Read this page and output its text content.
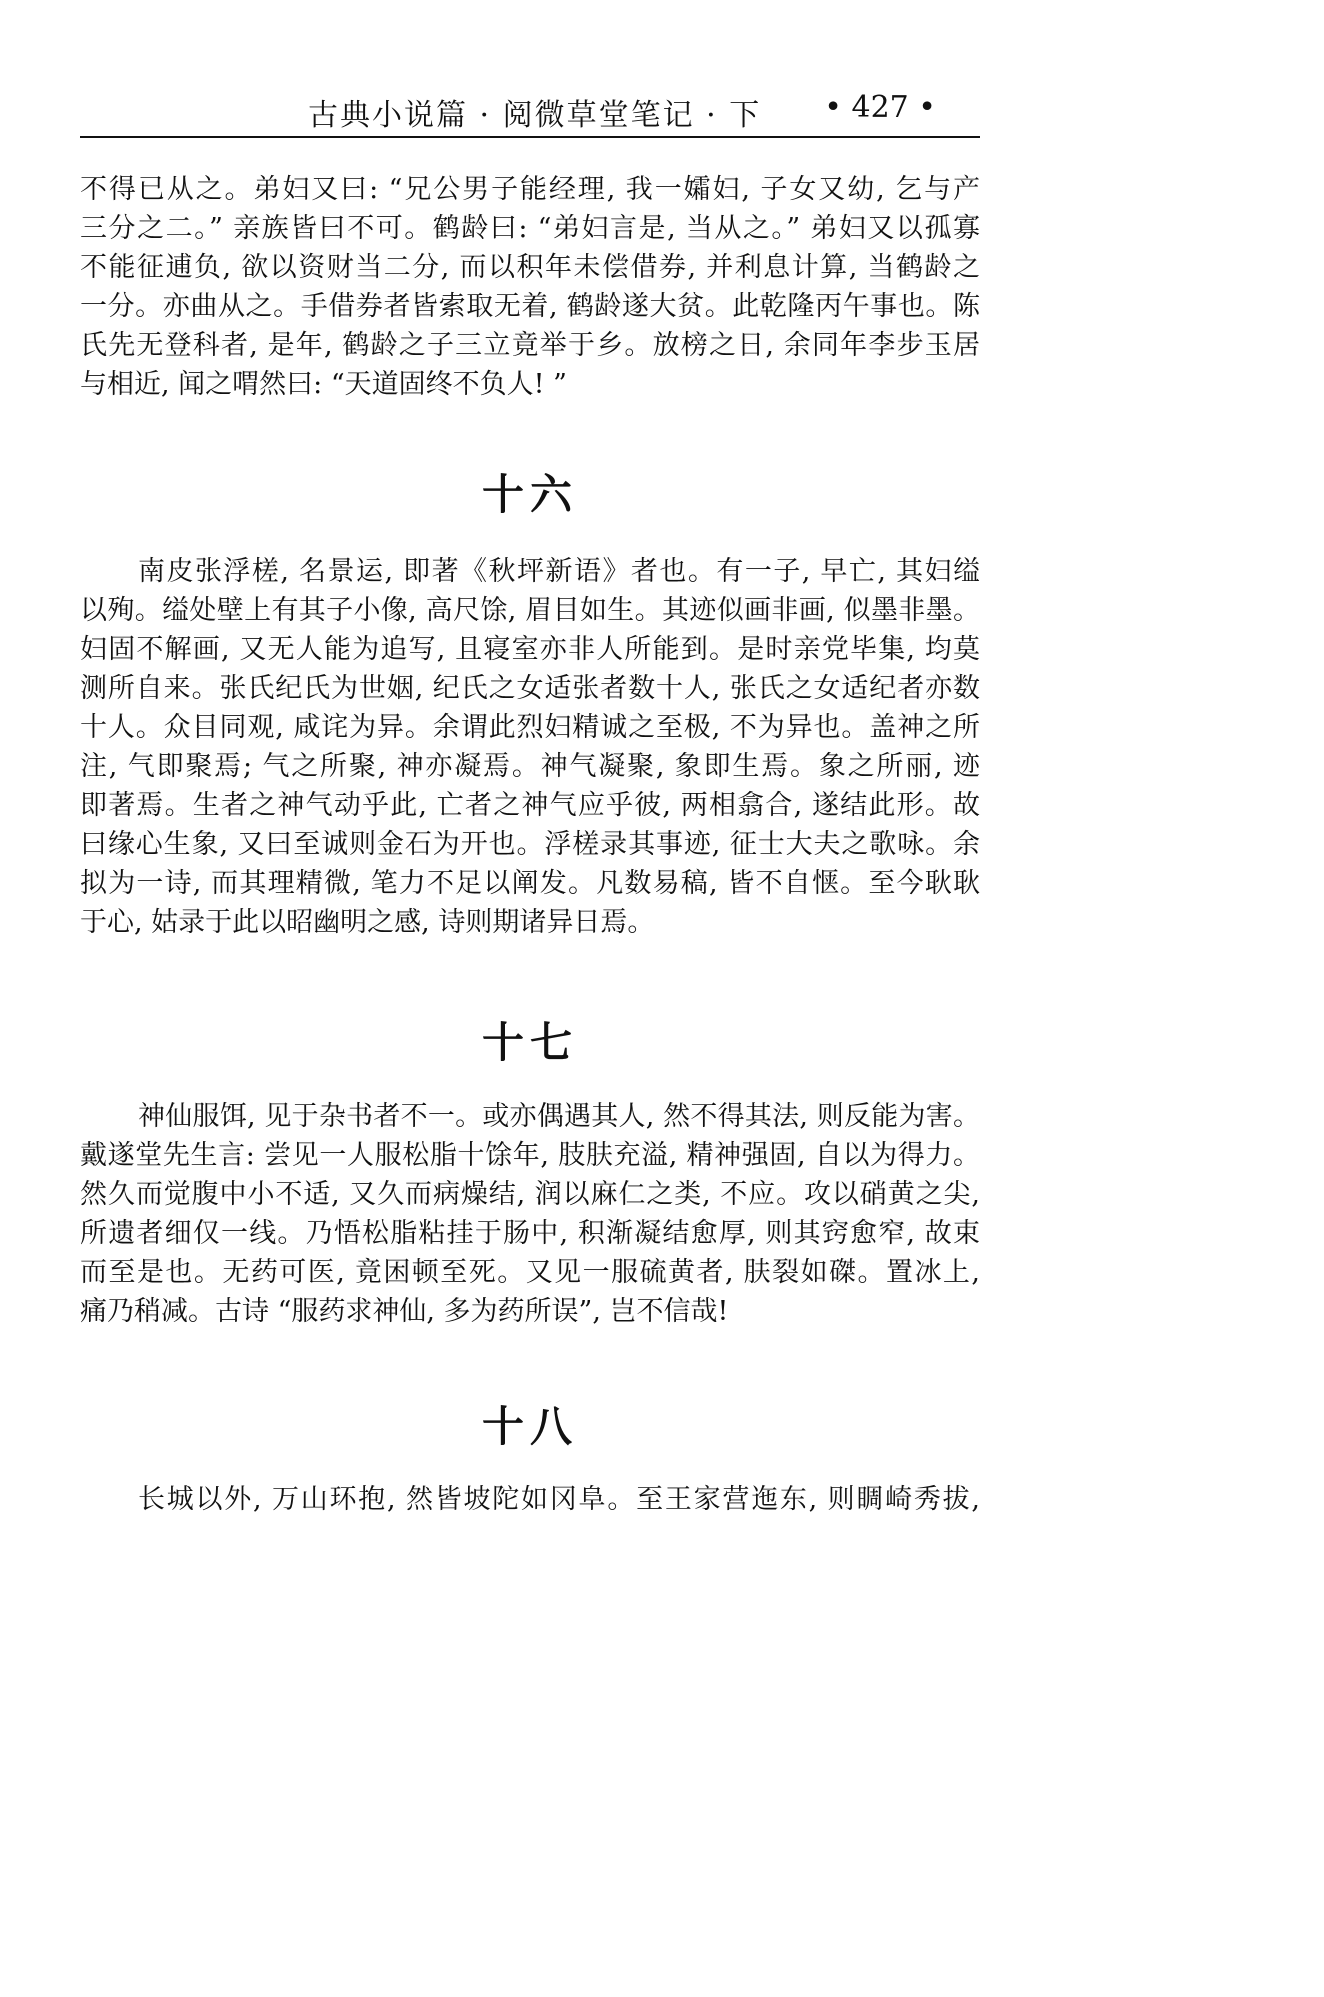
古典小说篇 · 阅微草堂笔记 · 下 • 427 •
不得已从之。弟妇又曰: “兄公男子能经理, 我一孀妇, 子女又幼, 乞与产
三分之二。” 亲族皆曰不可。鹤龄曰: “弟妇言是, 当从之。” 弟妇又以孤寡
不能征逋负, 欲以资财当二分, 而以积年未偿借券, 并利息计算, 当鹤龄之
一分。亦曲从之。手借券者皆索取无着, 鹤龄遂大贫。此乾隆丙午事也。陈
氏先无登科者, 是年, 鹤龄之子三立竟举于乡。放榜之日, 余同年李步玉居
与相近, 闻之喟然曰: “天道固终不负人! ”
十六
南皮张浮槎, 名景运, 即著《秋坪新语》者也。有一子, 早亡, 其妇缢
以殉。缢处壁上有其子小像, 高尺馀, 眉目如生。其迹似画非画, 似墨非墨。
妇固不解画, 又无人能为追写, 且寝室亦非人所能到。是时亲党毕集, 均莫
测所自来。张氏纪氏为世姻, 纪氏之女适张者数十人, 张氏之女适纪者亦数
十人。众目同观, 咸诧为异。余谓此烈妇精诚之至极, 不为异也。盖神之所
注, 气即聚焉; 气之所聚, 神亦凝焉。神气凝聚, 象即生焉。象之所丽, 迹
即著焉。生者之神气动乎此, 亡者之神气应乎彼, 两相翕合, 遂结此形。故
曰缘心生象, 又曰至诚则金石为开也。浮槎录其事迹, 征士大夫之歌咏。余
拟为一诗, 而其理精微, 笔力不足以阐发。凡数易稿, 皆不自惬。至今耿耿
于心, 姑录于此以昭幽明之感, 诗则期诸异日焉。
十七
神仙服饵, 见于杂书者不一。或亦偶遇其人, 然不得其法, 则反能为害。
戴遂堂先生言: 尝见一人服松脂十馀年, 肢肤充溢, 精神强固, 自以为得力。
然久而觉腹中小不适, 又久而病燥结, 润以麻仁之类, 不应。攻以硝黄之尖,
所遗者细仅一线。乃悟松脂粘挂于肠中, 积渐凝结愈厚, 则其窍愈窄, 故束
而至是也。无药可医, 竟困顿至死。又见一服硫黄者, 肤裂如磔。置冰上,
痛乃稍减。古诗 “服药求神仙, 多为药所误”, 岂不信哉!
十八
长城以外, 万山环抱, 然皆坡陀如冈阜。至王家营迤东, 则睭崎秀拔,
